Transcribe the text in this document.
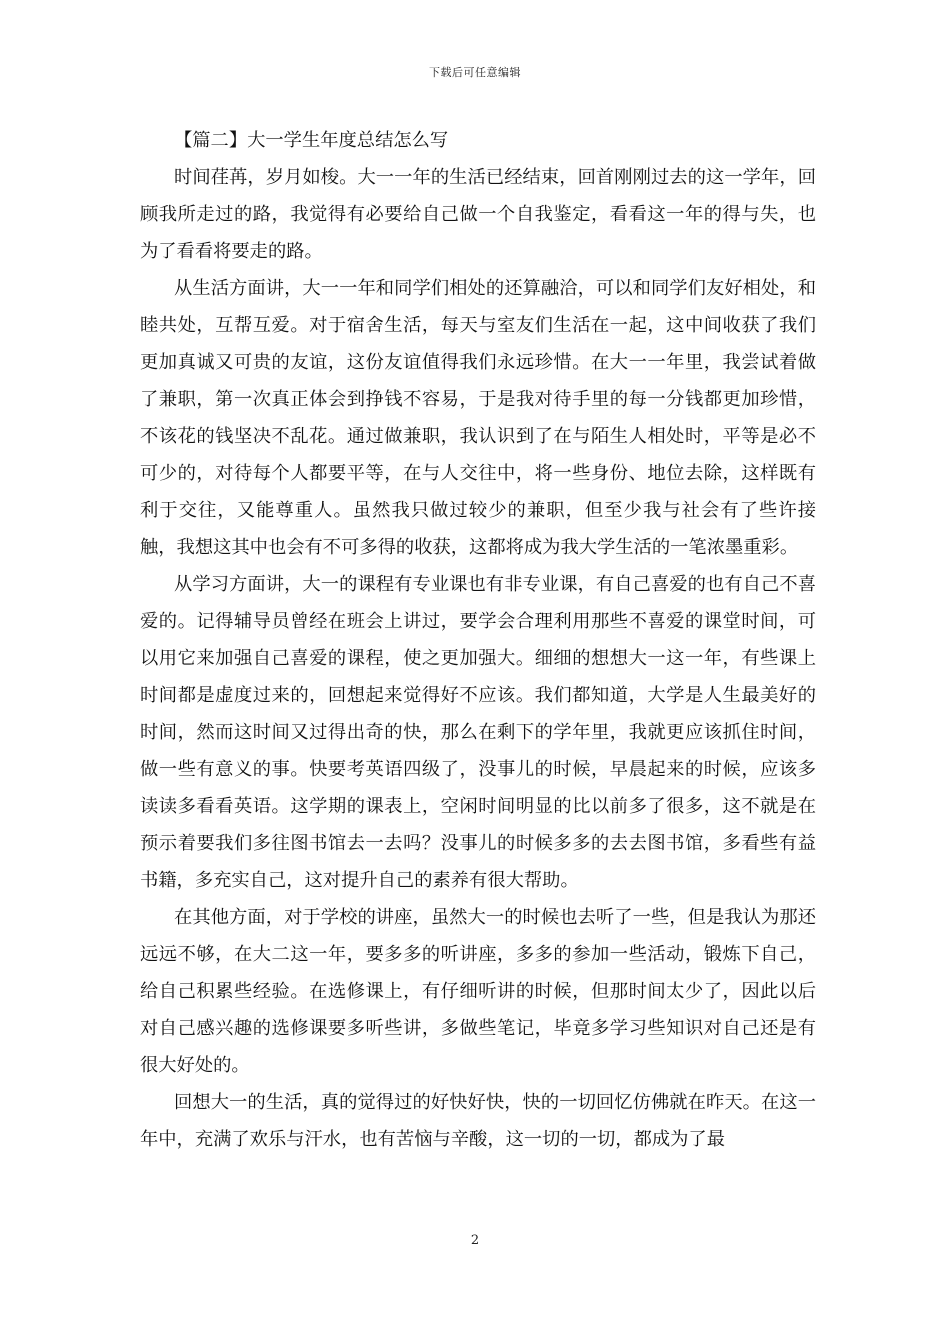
下载后可任意编辑
【篇二】大一学生年度总结怎么写

时间荏苒，岁月如梭。大一一年的生活已经结束，回首刚刚过去的这一学年，回顾我所走过的路，我觉得有必要给自己做一个自我鉴定，看看这一年的得与失，也为了看看将要走的路。

从生活方面讲，大一一年和同学们相处的还算融洽，可以和同学们友好相处，和睦共处，互帮互爱。对于宿舍生活，每天与室友们生活在一起，这中间收获了我们更加真诚又可贵的友谊，这份友谊值得我们永远珍惜。在大一一年里，我尝试着做了兼职，第一次真正体会到挣钱不容易，于是我对待手里的每一分钱都更加珍惜，不该花的钱坚决不乱花。通过做兼职，我认识到了在与陌生人相处时，平等是必不可少的，对待每个人都要平等，在与人交往中，将一些身份、地位去除，这样既有利于交往，又能尊重人。虽然我只做过较少的兼职，但至少我与社会有了些许接触，我想这其中也会有不可多得的收获，这都将成为我大学生活的一笔浓墨重彩。

从学习方面讲，大一的课程有专业课也有非专业课，有自己喜爱的也有自己不喜爱的。记得辅导员曾经在班会上讲过，要学会合理利用那些不喜爱的课堂时间，可以用它来加强自己喜爱的课程，使之更加强大。细细的想想大一这一年，有些课上时间都是虚度过来的，回想起来觉得好不应该。我们都知道，大学是人生最美好的时间，然而这时间又过得出奇的快，那么在剩下的学年里，我就更应该抓住时间，做一些有意义的事。快要考英语四级了，没事儿的时候，早晨起来的时候，应该多读读多看看英语。这学期的课表上，空闲时间明显的比以前多了很多，这不就是在预示着要我们多往图书馆去一去吗？没事儿的时候多多的去去图书馆，多看些有益书籍，多充实自己，这对提升自己的素养有很大帮助。

在其他方面，对于学校的讲座，虽然大一的时候也去听了一些，但是我认为那还远远不够，在大二这一年，要多多的听讲座，多多的参加一些活动，锻炼下自己，给自己积累些经验。在选修课上，有仔细听讲的时候，但那时间太少了，因此以后对自己感兴趣的选修课要多听些讲，多做些笔记，毕竟多学习些知识对自己还是有很大好处的。

回想大一的生活，真的觉得过的好快好快，快的一切回忆仿佛就在昨天。在这一年中，充满了欢乐与汗水，也有苦恼与辛酸，这一切的一切，都成为了最

2
